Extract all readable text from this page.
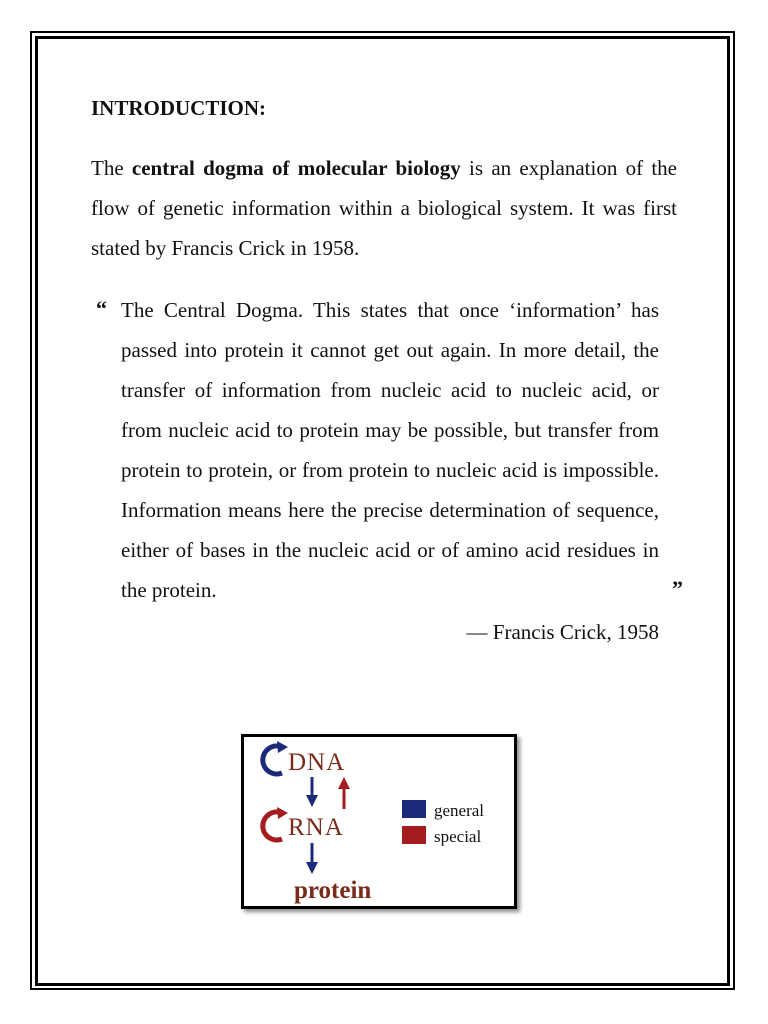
INTRODUCTION:

The central dogma of molecular biology is an explanation of the flow of genetic information within a biological system. It was first stated by Francis Crick in 1958.

“ The Central Dogma. This states that once ‘information’ has passed into protein it cannot get out again. In more detail, the transfer of information from nucleic acid to nucleic acid, or from nucleic acid to protein may be possible, but transfer from protein to protein, or from protein to nucleic acid is impossible. Information means here the precise determination of sequence, either of bases in the nucleic acid or of amino acid residues in the protein.	”
— Francis Crick, 1958
DNA
RNA
protein
general
special
